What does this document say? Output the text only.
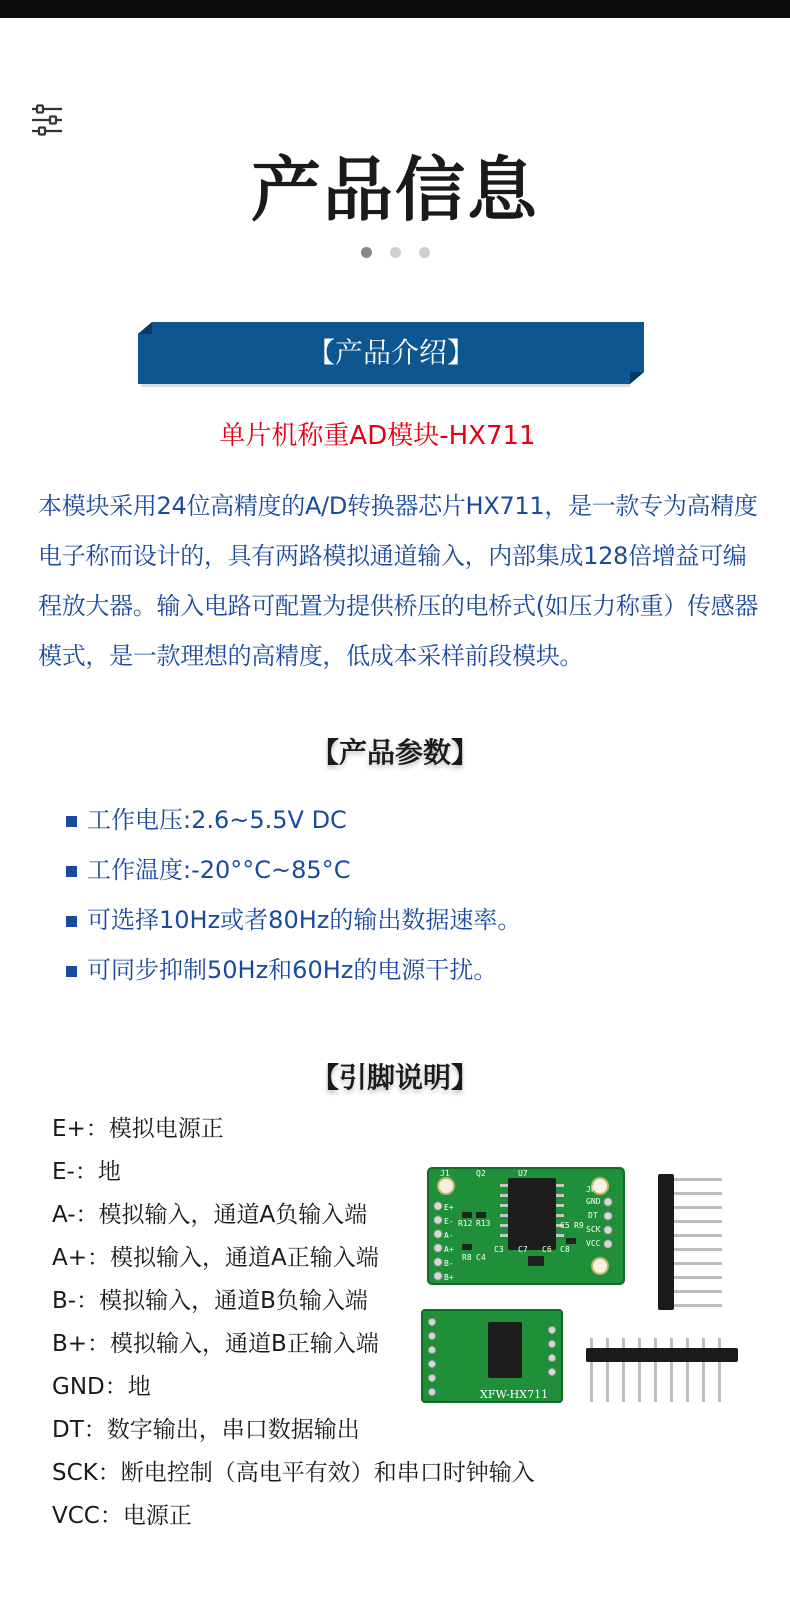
产品信息

【产品介绍】

单片机称重AD模块-HX711

本模块采用24位高精度的A/D转换器芯片HX711，是一款专为高精度电子称而设计的，具有两路模拟通道输入，内部集成128倍增益可编程放大器。输入电路可配置为提供桥压的电桥式(如压力称重）传感器模式，是一款理想的高精度，低成本采样前段模块。

【产品参数】
工作电压:2.6~5.5V DC
工作温度:-20°°C~85°C
可选择10Hz或者80Hz的输出数据速率。
可同步抑制50Hz和60Hz的电源干扰。
【引脚说明】
E+：模拟电源正
E-：地
A-：模拟输入，通道A负输入端
A+：模拟输入，通道A正输入端
B-：模拟输入，通道B负输入端
B+：模拟输入，通道B正输入端
GND：地
DT：数字输出，串口数据输出
SCK：断电控制（高电平有效）和串口时钟输入
VCC：电源正
E+
E-
A-
A+
B-
B+
GND
DT
SCK
VCC
U7
J1	Q2
C8
R12 R13	C5 R9
JP2
R8 C4
C3 C7 C6
XFW-HX711
